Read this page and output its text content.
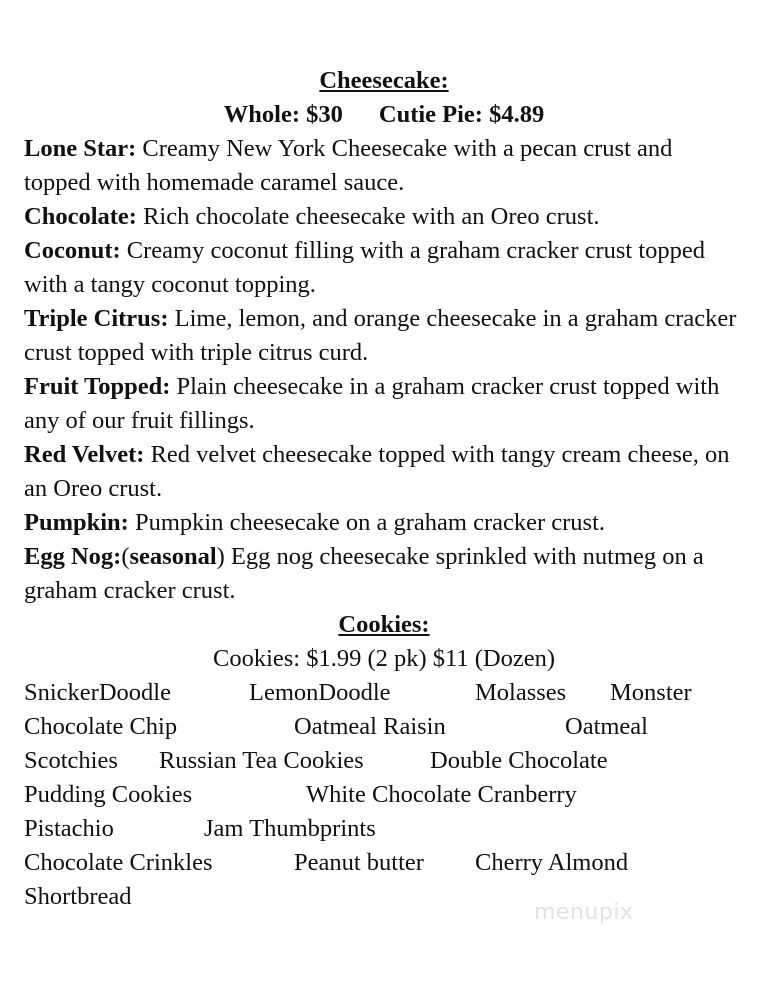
Cheesecake:
Whole: $30 Cutie Pie: $4.89
Lone Star: Creamy New York Cheesecake with a pecan crust and topped with homemade caramel sauce.
Chocolate: Rich chocolate cheesecake with an Oreo crust.
Coconut: Creamy coconut filling with a graham cracker crust topped with a tangy coconut topping.
Triple Citrus: Lime, lemon, and orange cheesecake in a graham cracker crust topped with triple citrus curd.
Fruit Topped: Plain cheesecake in a graham cracker crust topped with any of our fruit fillings.
Red Velvet: Red velvet cheesecake topped with tangy cream cheese, on an Oreo crust.
Pumpkin: Pumpkin cheesecake on a graham cracker crust.
Egg Nog:(seasonal) Egg nog cheesecake sprinkled with nutmeg on a graham cracker crust.
Cookies:
Cookies: $1.99 (2 pk) $11 (Dozen)
SnickerDoodle	LemonDoodle	Molasses Monster
Chocolate Chip	Oatmeal Raisin	Oatmeal
Scotchies Russian Tea Cookies	Double Chocolate
Pudding Cookies	White Chocolate Cranberry
Pistachio	Jam Thumbprints
Chocolate Crinkles	Peanut butter Cherry Almond
Shortbread
menupix
